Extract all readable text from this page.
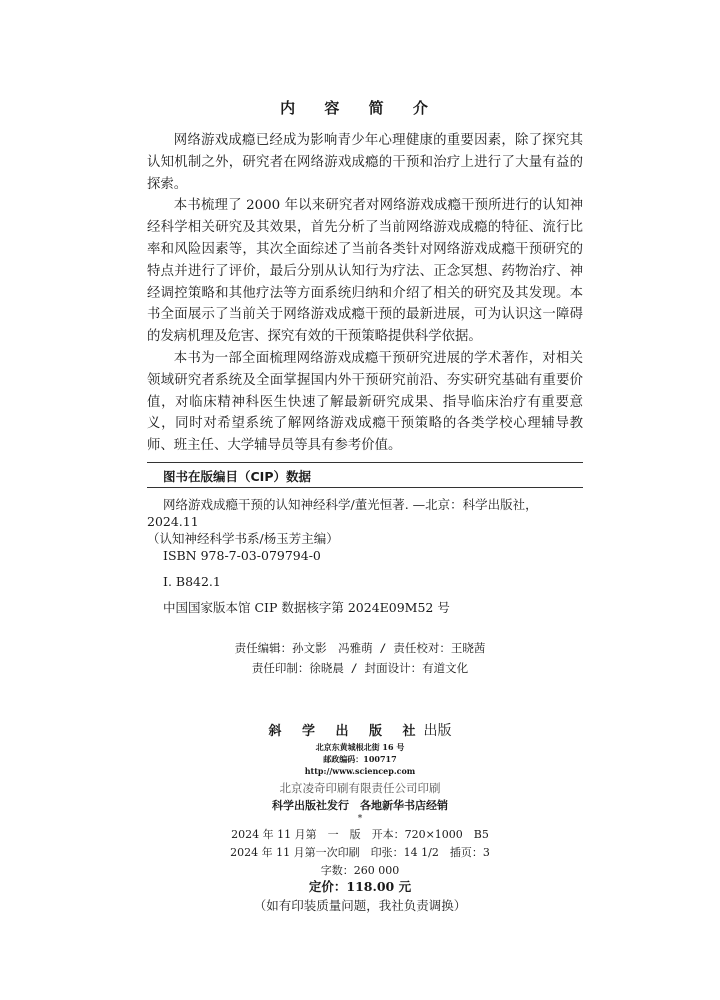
内 容 简 介

网络游戏成瘾已经成为影响青少年心理健康的重要因素，除了探究其认知机制之外，研究者在网络游戏成瘾的干预和治疗上进行了大量有益的探索。

本书梳理了 2000 年以来研究者对网络游戏成瘾干预所进行的认知神经科学相关研究及其效果，首先分析了当前网络游戏成瘾的特征、流行比率和风险因素等，其次全面综述了当前各类针对网络游戏成瘾干预研究的特点并进行了评价，最后分别从认知行为疗法、正念冥想、药物治疗、神经调控策略和其他疗法等方面系统归纳和介绍了相关的研究及其发现。本书全面展示了当前关于网络游戏成瘾干预的最新进展，可为认识这一障碍的发病机理及危害、探究有效的干预策略提供科学依据。

本书为一部全面梳理网络游戏成瘾干预研究进展的学术著作，对相关领域研究者系统及全面掌握国内外干预研究前沿、夯实研究基础有重要价值，对临床精神科医生快速了解最新研究成果、指导临床治疗有重要意义，同时对希望系统了解网络游戏成瘾干预策略的各类学校心理辅导教师、班主任、大学辅导员等具有参考价值。

图书在版编目（CIP）数据
网络游戏成瘾干预的认知神经科学/董光恒著. —北京：科学出版社，
2024.11
（认知神经科学书系/杨玉芳主编）
ISBN 978-7-03-079794-0
Ⅰ. B842.1
中国国家版本馆 CIP 数据核字第 2024E09M52 号
责任编辑：孙文影　冯雅萌 / 责任校对：王晓茜
责任印制：徐晓晨 / 封面设计：有道文化
斜 学 出 版 社出版
北京东黄城根北街 16 号
邮政编码：100717
http://www.sciencep.com
北京凌奇印刷有限责任公司印刷
科学出版社发行　各地新华书店经销
*
2024 年 11 月第　一　版　开本：720×1000　B5
2024 年 11 月第一次印刷　印张：14 1/2　插页：3
字数：260 000
定价：118.00 元
（如有印装质量问题，我社负责调换）
